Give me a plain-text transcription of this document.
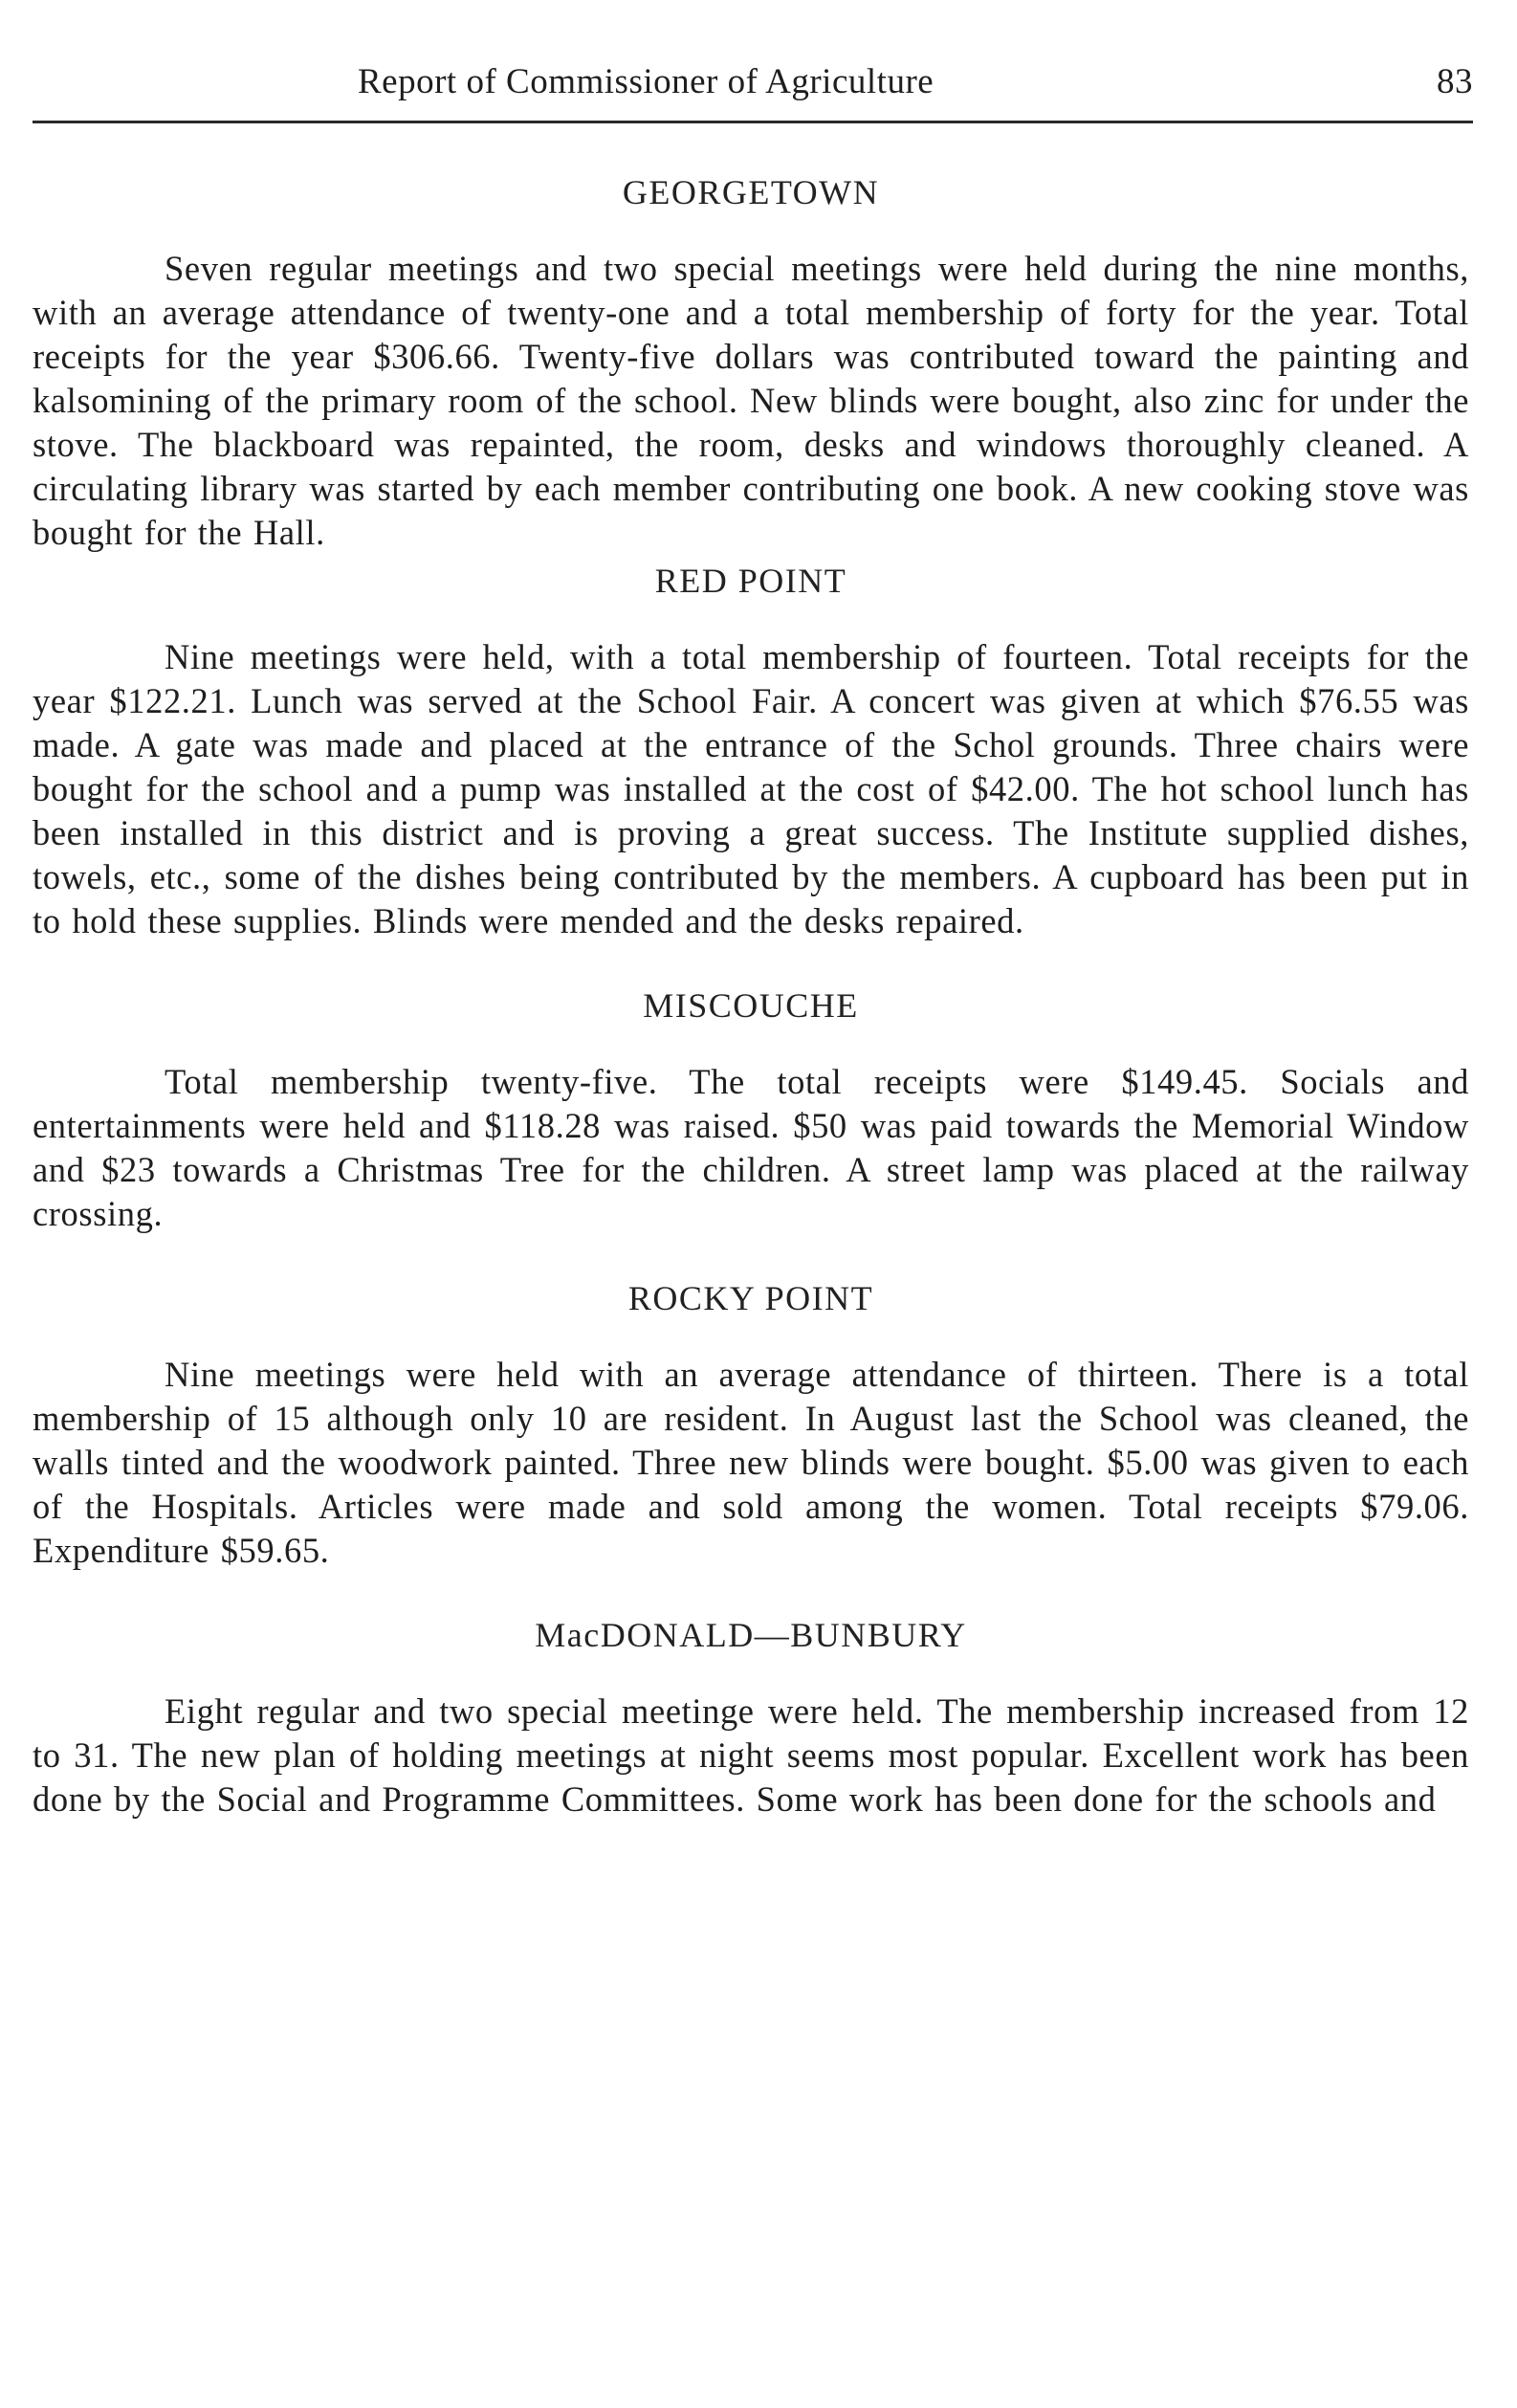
Report of Commissioner of Agriculture	83
GEORGETOWN

Seven regular meetings and two special meetings were held during the nine months, with an average attendance of twenty-one and a total membership of forty for the year. Total receipts for the year $306.66. Twenty-five dollars was contributed toward the painting and kalsomining of the primary room of the school. New blinds were bought, also zinc for under the stove. The blackboard was repainted, the room, desks and windows thoroughly cleaned. A circulating library was started by each member contributing one book. A new cooking stove was bought for the Hall.

RED POINT

Nine meetings were held, with a total membership of fourteen. Total receipts for the year $122.21. Lunch was served at the School Fair. A concert was given at which $76.55 was made. A gate was made and placed at the entrance of the Schol grounds. Three chairs were bought for the school and a pump was installed at the cost of $42.00. The hot school lunch has been installed in this district and is proving a great success. The Institute supplied dishes, towels, etc., some of the dishes being contributed by the members. A cupboard has been put in to hold these supplies. Blinds were mended and the desks repaired.

MISCOUCHE

Total membership twenty-five. The total receipts were $149.45. Socials and entertainments were held and $118.28 was raised. $50 was paid towards the Memorial Window and $23 towards a Christmas Tree for the children. A street lamp was placed at the railway crossing.

ROCKY POINT

Nine meetings were held with an average attendance of thirteen. There is a total membership of 15 although only 10 are resident. In August last the School was cleaned, the walls tinted and the woodwork painted. Three new blinds were bought. $5.00 was given to each of the Hospitals. Articles were made and sold among the women. Total receipts $79.06. Expenditure $59.65.

MacDONALD—BUNBURY

Eight regular and two special meetinge were held. The membership increased from 12 to 31. The new plan of holding meetings at night seems most popular. Excellent work has been done by the Social and Programme Committees. Some work has been done for the schools and
